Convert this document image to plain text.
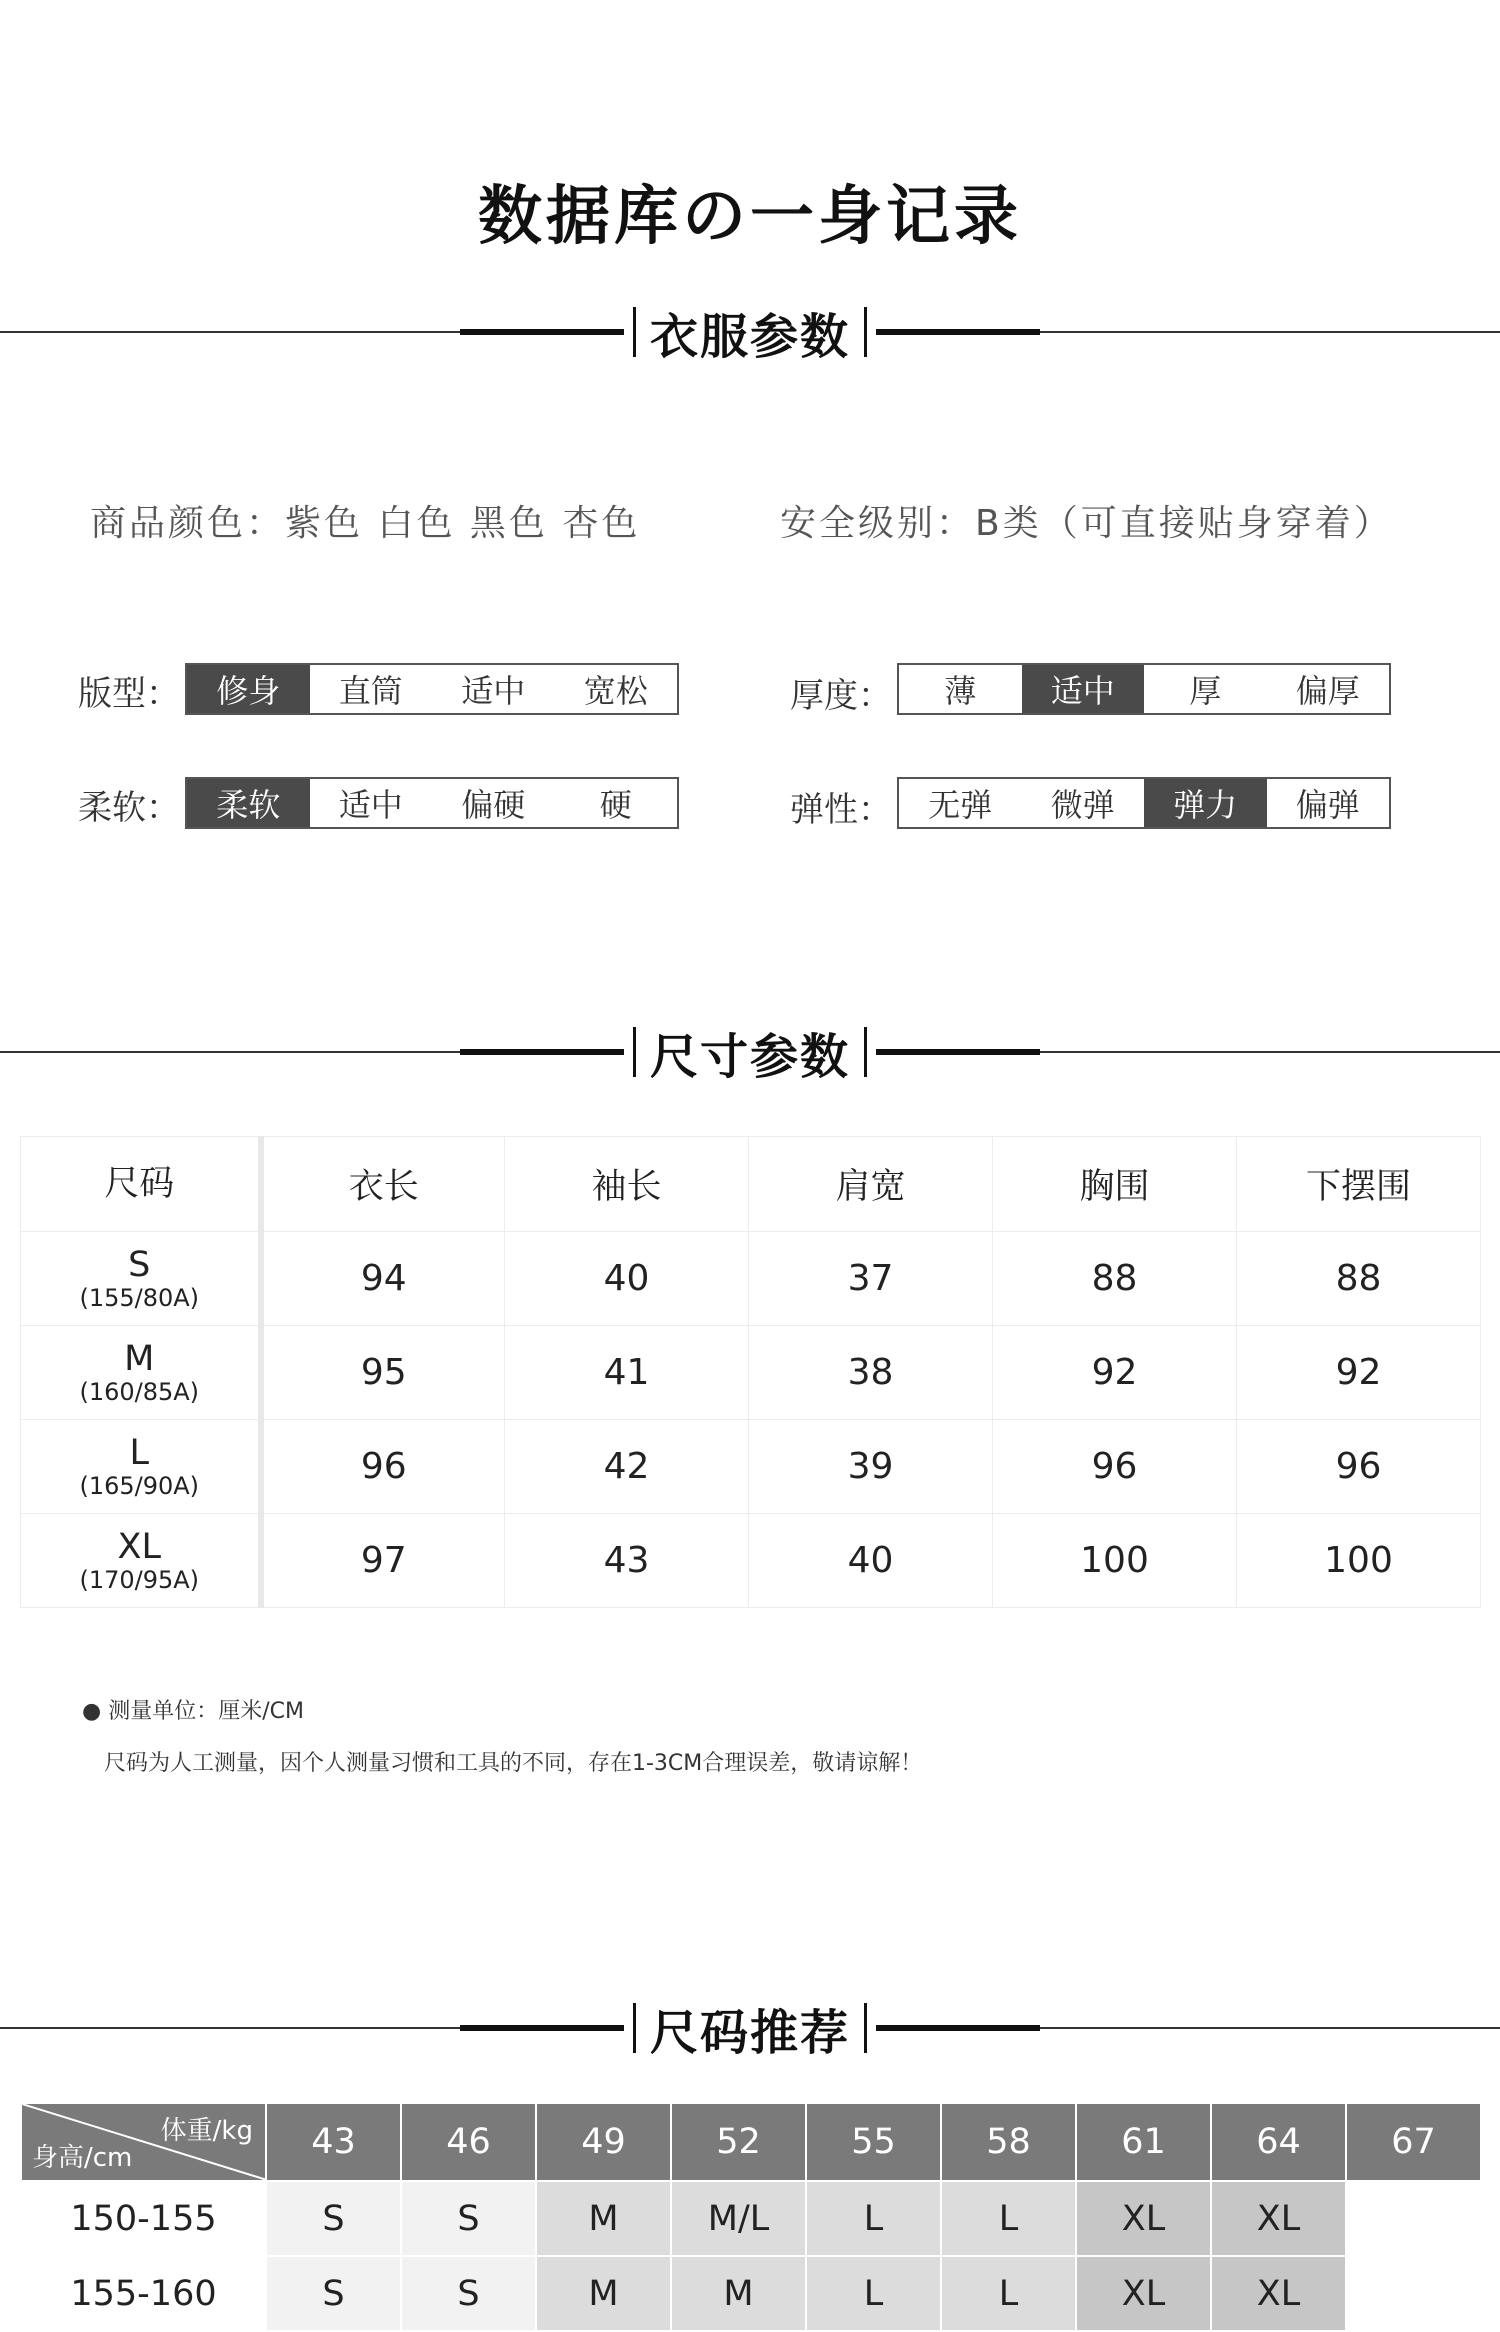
数据库の一身记录
衣服参数
商品颜色：紫色 白色 黑色 杏色	安全级别：B类（可直接贴身穿着）
版型：	修身	直筒	适中	宽松	厚度：	薄	适中	厚	偏厚
柔软：	柔软	适中	偏硬	硬	弹性：	无弹	微弹	弹力	偏弹
尺寸参数
尺码	衣长	袖长	肩宽	胸围	下摆围

S
(155/80A)	94	40	37	88	88

M
(160/85A)	95	41	38	92	92

L
(165/90A)	96	42	39	96	96

XL
(170/95A)	97	43	40	100	100
● 测量单位：厘米/CM
尺码为人工测量，因个人测量习惯和工具的不同，存在1-3CM合理误差，敬请谅解！
尺码推荐
体重/kg
身高/cm	43	46	49	52	55	58	61	64	67
150-155	S	S	M	M/L	L	L	XL	XL	
155-160	S	S	M	M	L	L	XL	XL	
